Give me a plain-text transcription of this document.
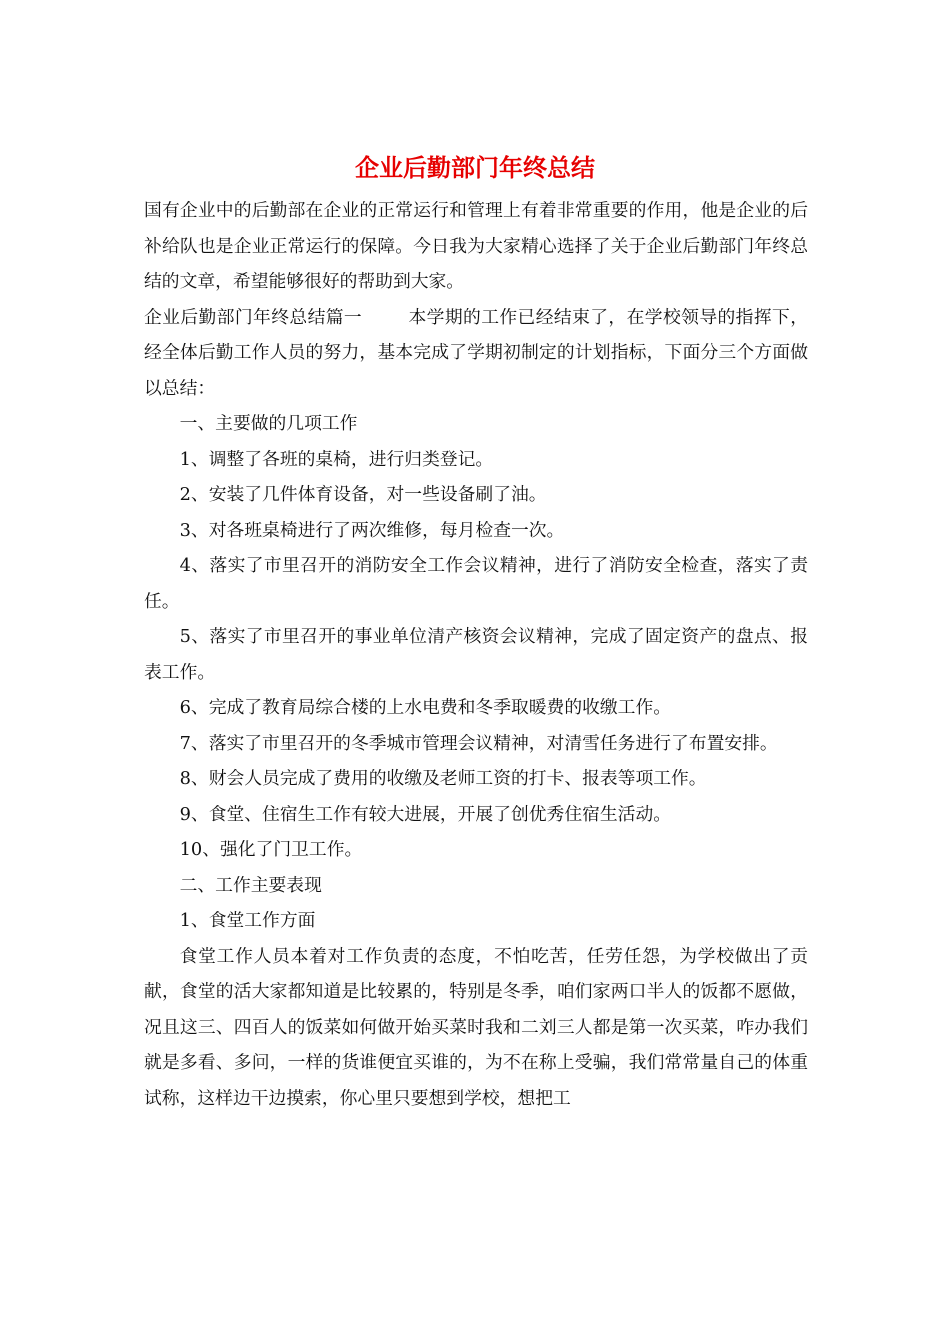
企业后勤部门年终总结

国有企业中的后勤部在企业的正常运行和管理上有着非常重要的作用，他是企业的后补给队也是企业正常运行的保障。今日我为大家精心选择了关于企业后勤部门年终总结的文章，希望能够很好的帮助到大家。

企业后勤部门年终总结篇一	本学期的工作已经结束了，在学校领导的指挥下，经全体后勤工作人员的努力，基本完成了学期初制定的计划指标，下面分三个方面做以总结：

一、主要做的几项工作

1、调整了各班的桌椅，进行归类登记。

2、安装了几件体育设备，对一些设备刷了油。

3、对各班桌椅进行了两次维修，每月检查一次。

4、落实了市里召开的消防安全工作会议精神，进行了消防安全检查，落实了责任。

5、落实了市里召开的事业单位清产核资会议精神，完成了固定资产的盘点、报表工作。

6、完成了教育局综合楼的上水电费和冬季取暖费的收缴工作。

7、落实了市里召开的冬季城市管理会议精神，对清雪任务进行了布置安排。

8、财会人员完成了费用的收缴及老师工资的打卡、报表等项工作。

9、食堂、住宿生工作有较大进展，开展了创优秀住宿生活动。

10、强化了门卫工作。

二、工作主要表现

1、食堂工作方面

食堂工作人员本着对工作负责的态度，不怕吃苦，任劳任怨，为学校做出了贡献，食堂的活大家都知道是比较累的，特别是冬季，咱们家两口半人的饭都不愿做，况且这三、四百人的饭菜如何做开始买菜时我和二刘三人都是第一次买菜，咋办我们就是多看、多问，一样的货谁便宜买谁的，为不在称上受骗，我们常常量自己的体重试称，这样边干边摸索，你心里只要想到学校，想把工
